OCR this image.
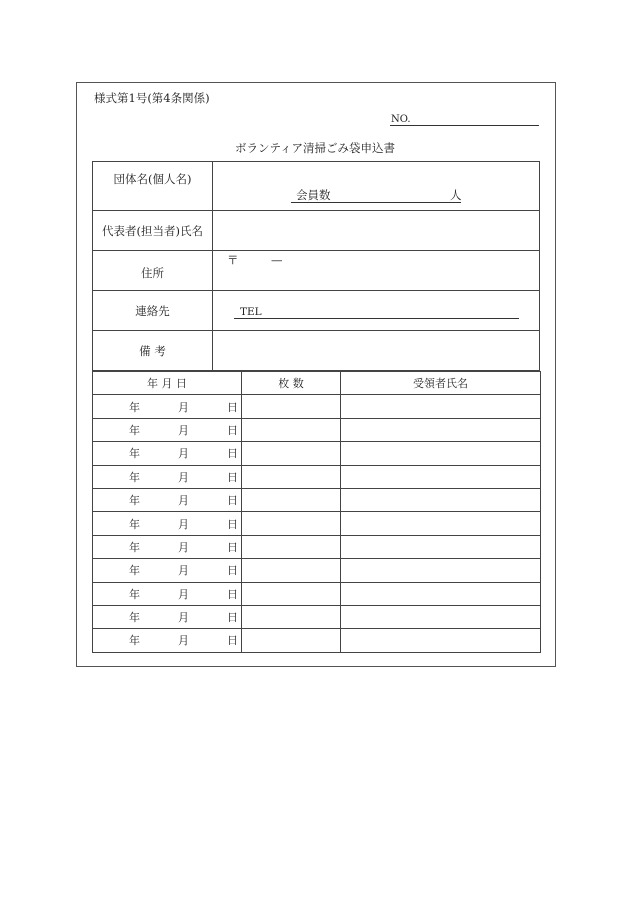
様式第1号(第4条関係)
NO.
ボランティア清掃ごみ袋申込書
団体名(個人名)	会員数 人

代表者(担当者)氏名	
住所	〒 —

連絡先	TEL

備 考	
年 月 日	枚 数	受領者氏名

年 月 日		

年 月 日		

年 月 日		

年 月 日		

年 月 日		

年 月 日		

年 月 日		

年 月 日		

年 月 日		

年 月 日		

年 月 日		
